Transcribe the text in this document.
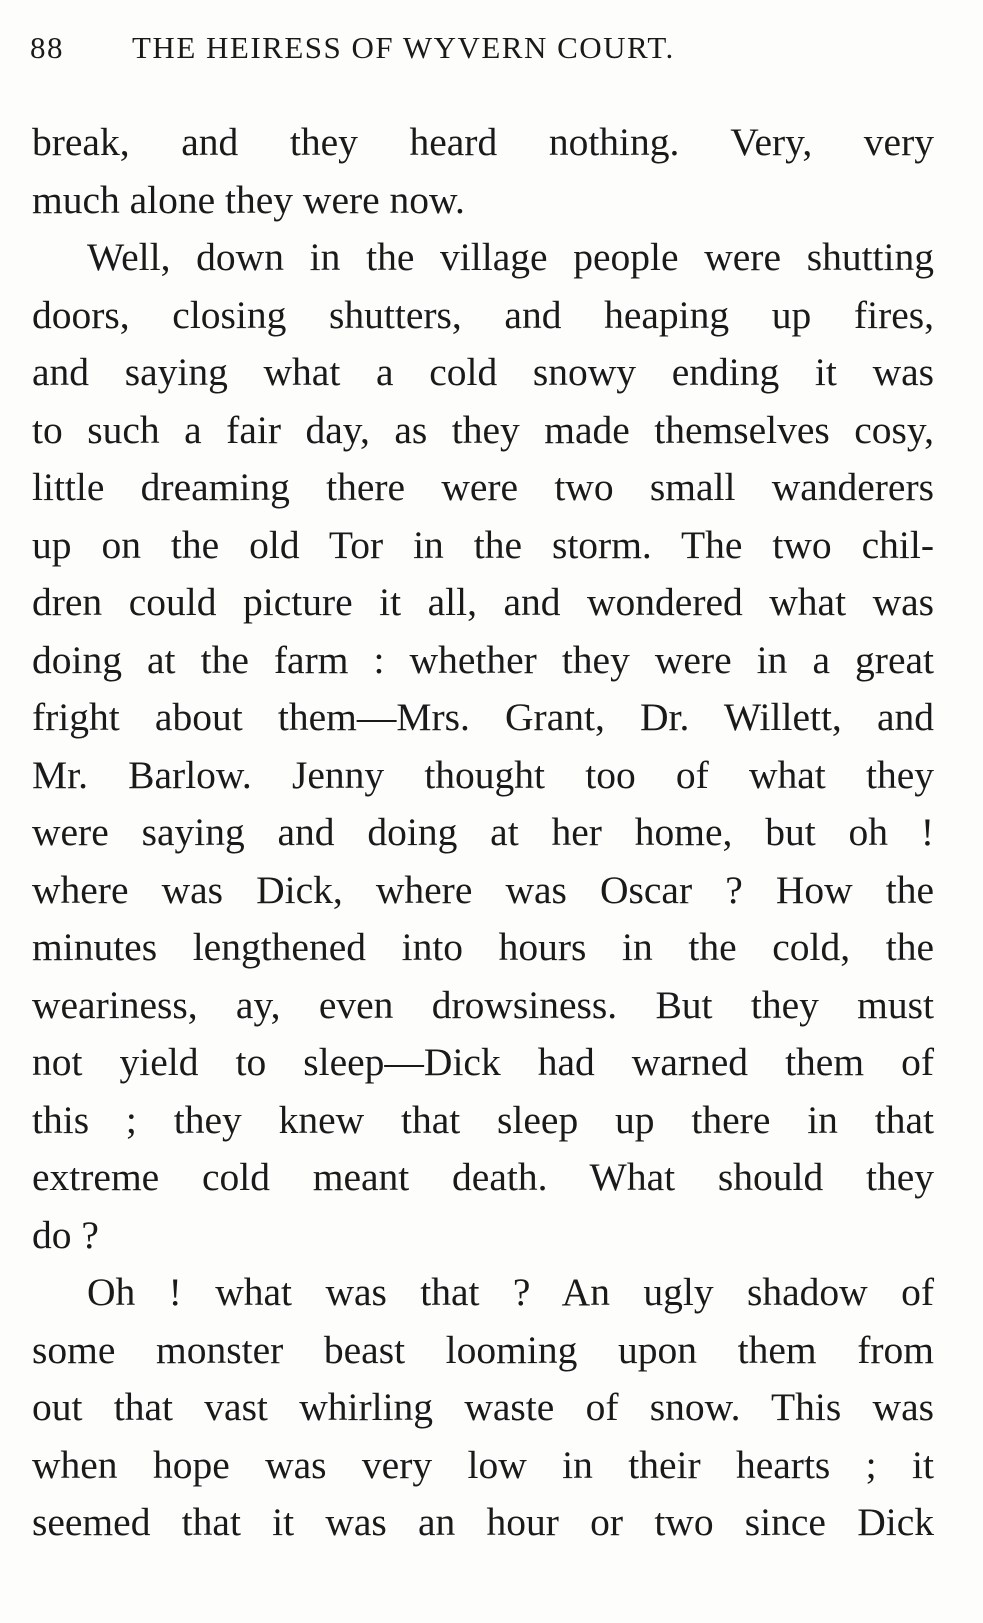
88 THE HEIRESS OF WYVERN COURT.
break, and they heard nothing. Very, very
much alone they were now.
Well, down in the village people were shutting
doors, closing shutters, and heaping up fires,
and saying what a cold snowy ending it was
to such a fair day, as they made themselves cosy,
little dreaming there were two small wanderers
up on the old Tor in the storm. The two chil-
dren could picture it all, and wondered what was
doing at the farm : whether they were in a great
fright about them—Mrs. Grant, Dr. Willett, and
Mr. Barlow. Jenny thought too of what they
were saying and doing at her home, but oh !
where was Dick, where was Oscar ? How the
minutes lengthened into hours in the cold, the
weariness, ay, even drowsiness. But they must
not yield to sleep—Dick had warned them of
this ; they knew that sleep up there in that
extreme cold meant death. What should they
do ?
Oh ! what was that ? An ugly shadow of
some monster beast looming upon them from
out that vast whirling waste of snow. This was
when hope was very low in their hearts ; it
seemed that it was an hour or two since Dick
